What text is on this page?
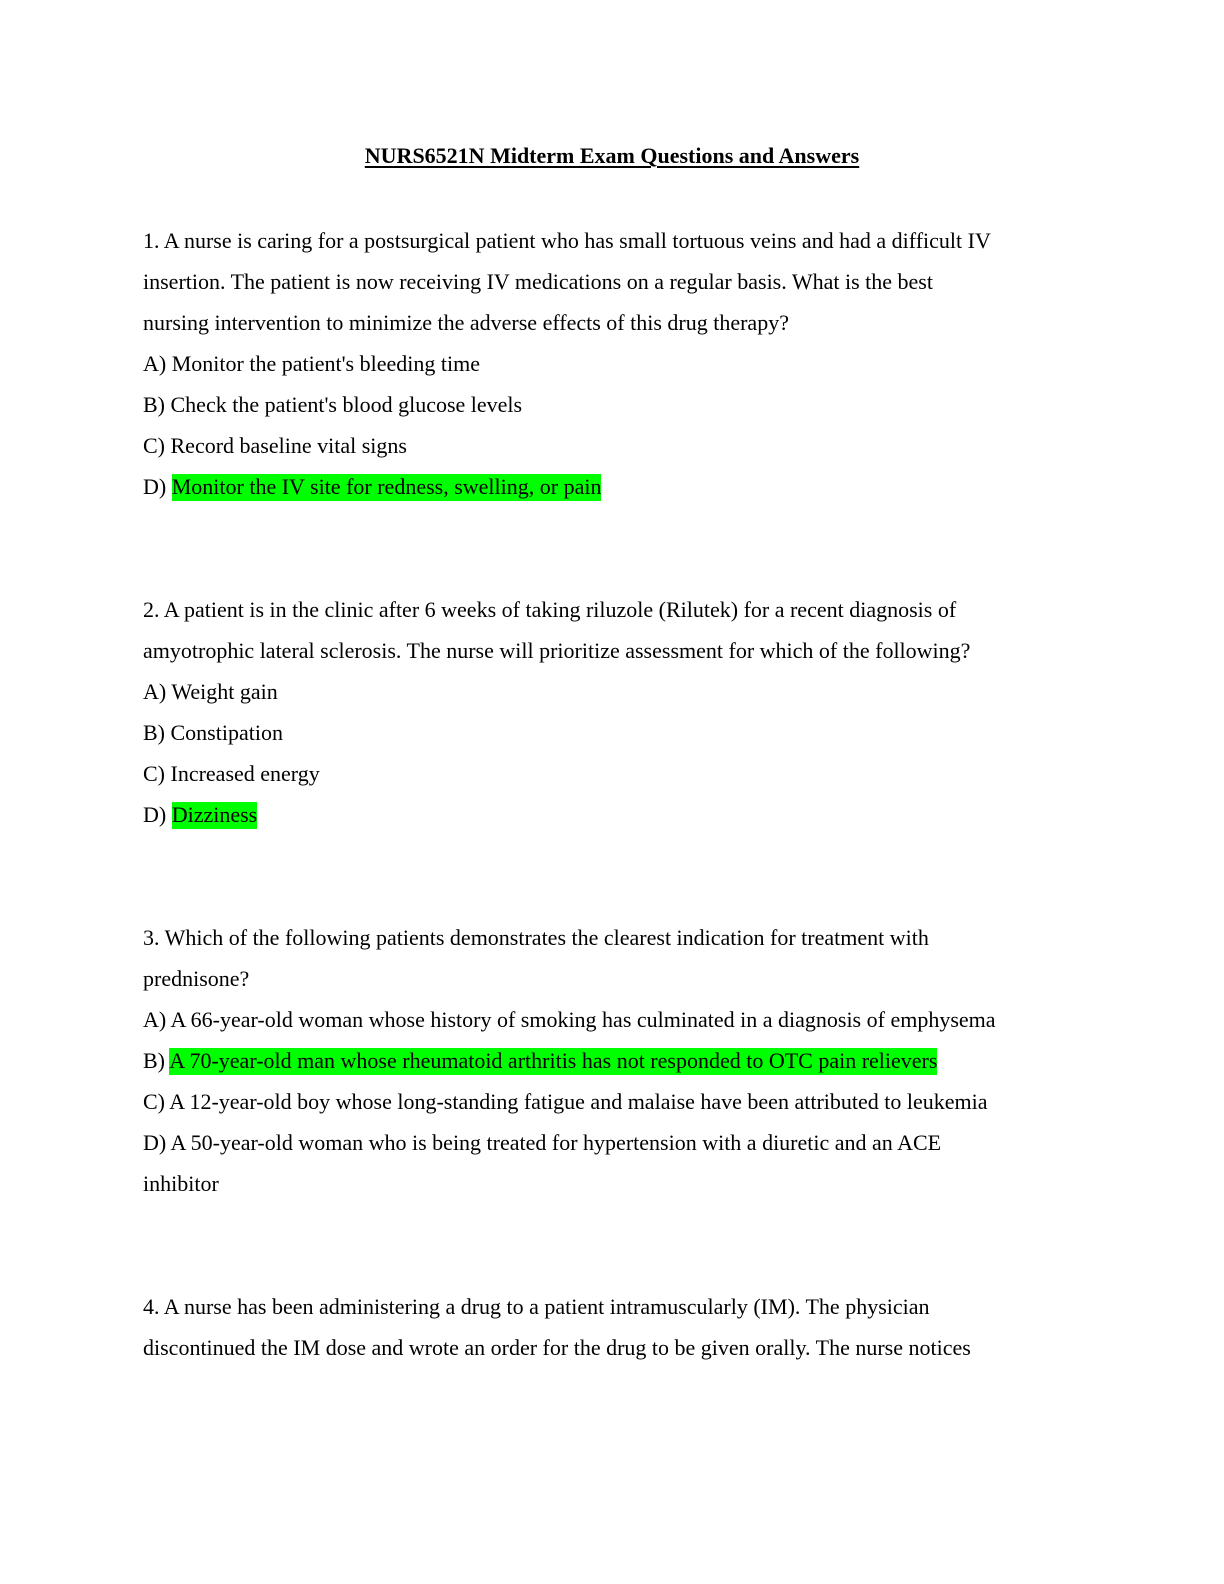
NURS6521N Midterm Exam Questions and Answers
1. A nurse is caring for a postsurgical patient who has small tortuous veins and had a difficult IV
insertion. The patient is now receiving IV medications on a regular basis. What is the best
nursing intervention to minimize the adverse effects of this drug therapy?
A) Monitor the patient's bleeding time
B) Check the patient's blood glucose levels
C) Record baseline vital signs
D) Monitor the IV site for redness, swelling, or pain
2. A patient is in the clinic after 6 weeks of taking riluzole (Rilutek) for a recent diagnosis of
amyotrophic lateral sclerosis. The nurse will prioritize assessment for which of the following?
A) Weight gain
B) Constipation
C) Increased energy
D) Dizziness
3. Which of the following patients demonstrates the clearest indication for treatment with
prednisone?
A) A 66-year-old woman whose history of smoking has culminated in a diagnosis of emphysema
B) A 70-year-old man whose rheumatoid arthritis has not responded to OTC pain relievers
C) A 12-year-old boy whose long-standing fatigue and malaise have been attributed to leukemia
D) A 50-year-old woman who is being treated for hypertension with a diuretic and an ACE
inhibitor
4. A nurse has been administering a drug to a patient intramuscularly (IM). The physician
discontinued the IM dose and wrote an order for the drug to be given orally. The nurse notices
